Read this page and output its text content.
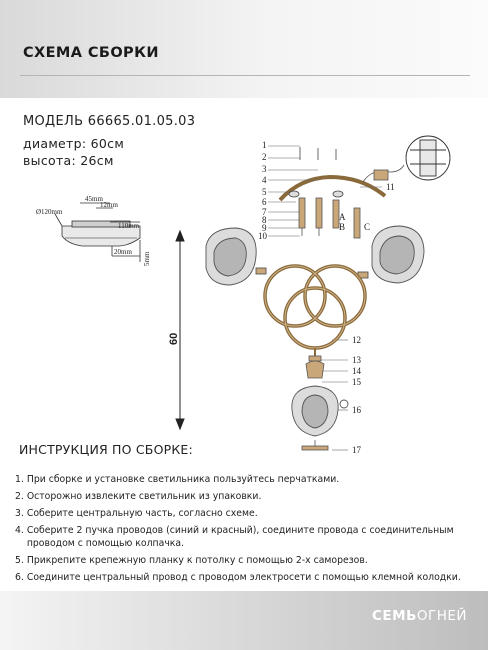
СХЕМА СБОРКИ
МОДЕЛЬ 66665.01.05.03
диаметр: 60см
высота: 26см
Ø120mm
45mm
12mm
110mm
20mm 5mm
60
1
2
3
4
5
6
7
8
9
10
11
12
13
14
15
16
17
A
B C
ИНСТРУКЦИЯ ПО СБОРКЕ:
1. При сборке и установке светильника пользуйтесь перчатками.
2. Осторожно извлеките светильник из упаковки.
3. Соберите центральную часть, согласно схеме.
4. Соберите 2 пучка проводов (синий и красный), соедините провода с соединительным
проводом с помощью колпачка.
5. Прикрепите крепежную планку к потолку с помощью 2-х саморезов.
6. Соедините центральный провод с проводом электросети с помощью клемной колодки.
СЕМЬОГНЕЙ
